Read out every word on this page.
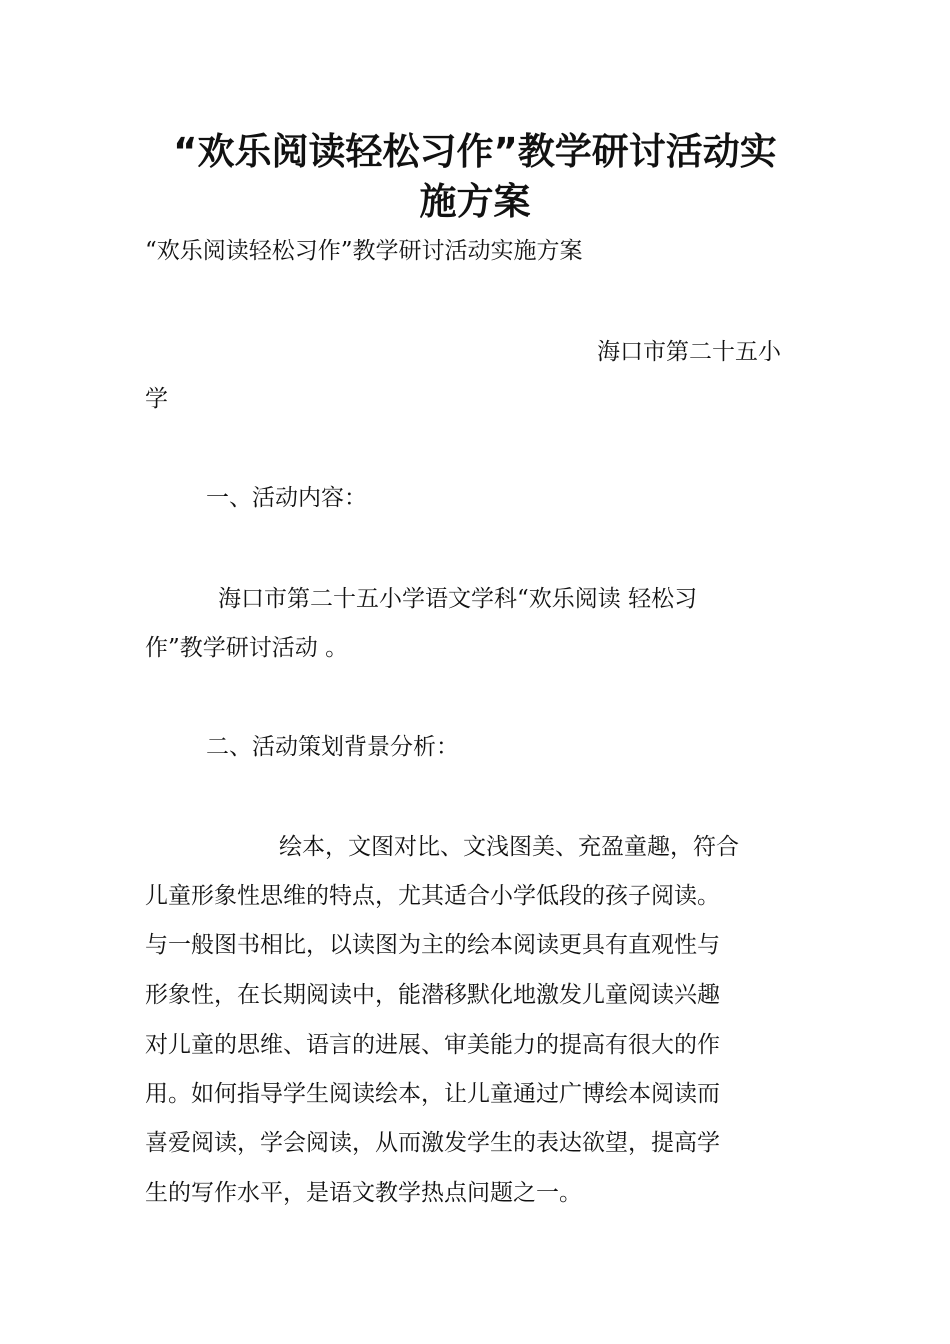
“欢乐阅读轻松习作”教学研讨活动实
施方案
“欢乐阅读轻松习作”教学研讨活动实施方案
海口市第二十五小
学
一、活动内容：
海口市第二十五小学语文学科“欢乐阅读 轻松习
作”教学研讨活动 。
二、活动策划背景分析：
绘本，文图对比、文浅图美、充盈童趣，符合
儿童形象性思维的特点，尤其适合小学低段的孩子阅读。
与一般图书相比，以读图为主的绘本阅读更具有直观性与
形象性，在长期阅读中，能潜移默化地激发儿童阅读兴趣
对儿童的思维、语言的进展、审美能力的提高有很大的作
用。如何指导学生阅读绘本，让儿童通过广博绘本阅读而
喜爱阅读，学会阅读，从而激发学生的表达欲望，提高学
生的写作水平，是语文教学热点问题之一。
